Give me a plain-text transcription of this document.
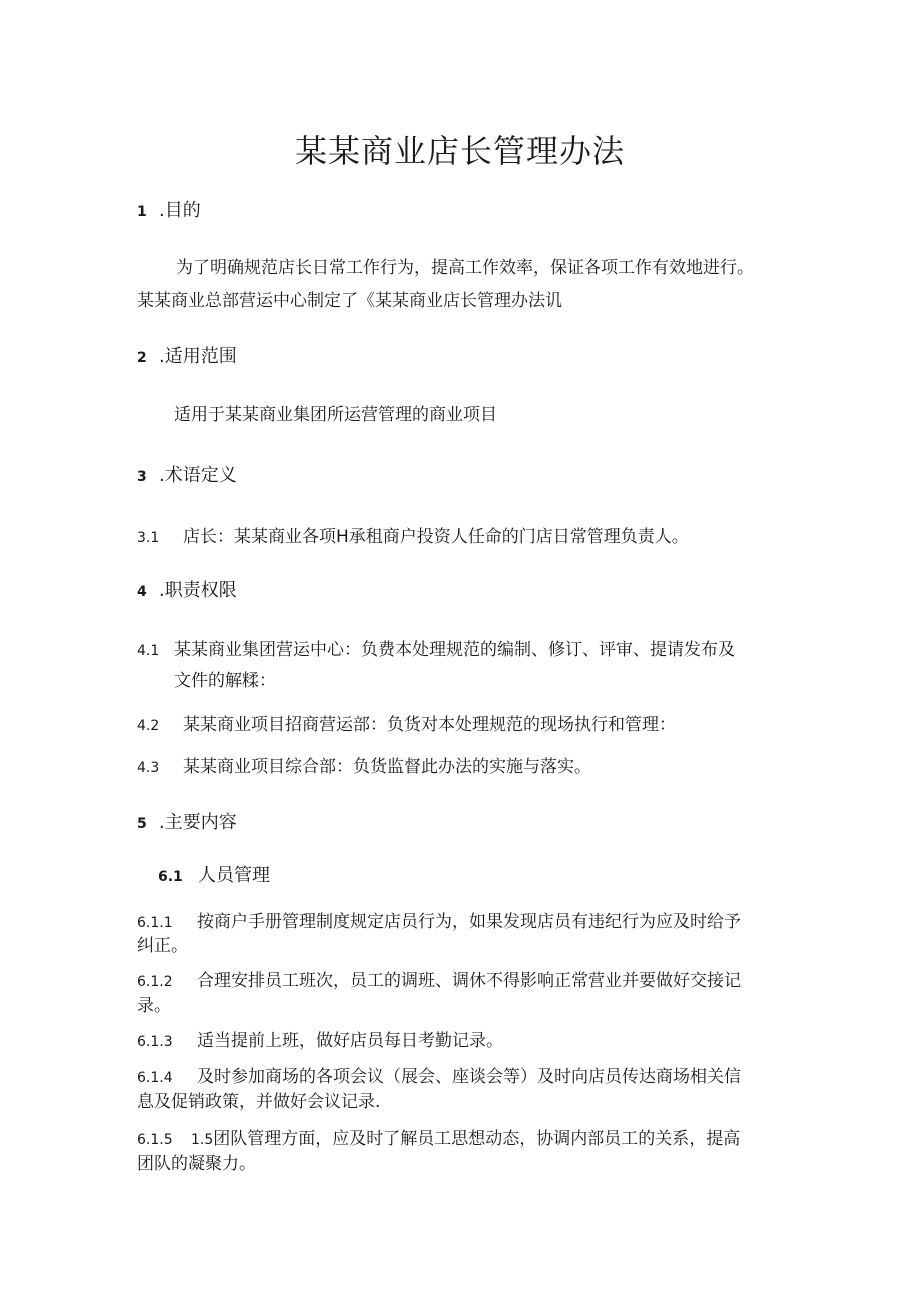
某某商业店长管理办法
1 .目的
为了明确规范店长日常工作行为，提高工作效率，保证各项工作有效地进行。
某某商业总部营运中心制定了《某某商业店长管理办法讥
2 .适用范围
适用于某某商业集团所运营管理的商业项目
3 .术语定义
3.1 店长：某某商业各项H承租商户投资人任命的门店日常管理负责人。
4 .职责权限
4.1 某某商业集团营运中心：负费本处理规范的编制、修订、评审、提请发布及
文件的解糅：
4.2 某某商业项目招商营运部：负货对本处理规范的现场执行和管理：
4.3 某某商业项目综合部：负货监督此办法的实施与落实。
5 .主要内容
6.1 人员管理
6.1.1 按商户手册管理制度规定店员行为，如果发现店员有违纪行为应及时给予
纠正。
6.1.2 合理安排员工班次，员工的调班、调休不得影响正常营业并要做好交接记
录。
6.1.3 适当提前上班，做好店员每日考勤记录。
6.1.4 及时参加商场的各项会议（展会、座谈会等）及时向店员传达商场相关信
息及促销政策，并做好会议记录.
6.1.5 1.5团队管理方面，应及时了解员工思想动态，协调内部员工的关系，提高
团队的凝聚力。
